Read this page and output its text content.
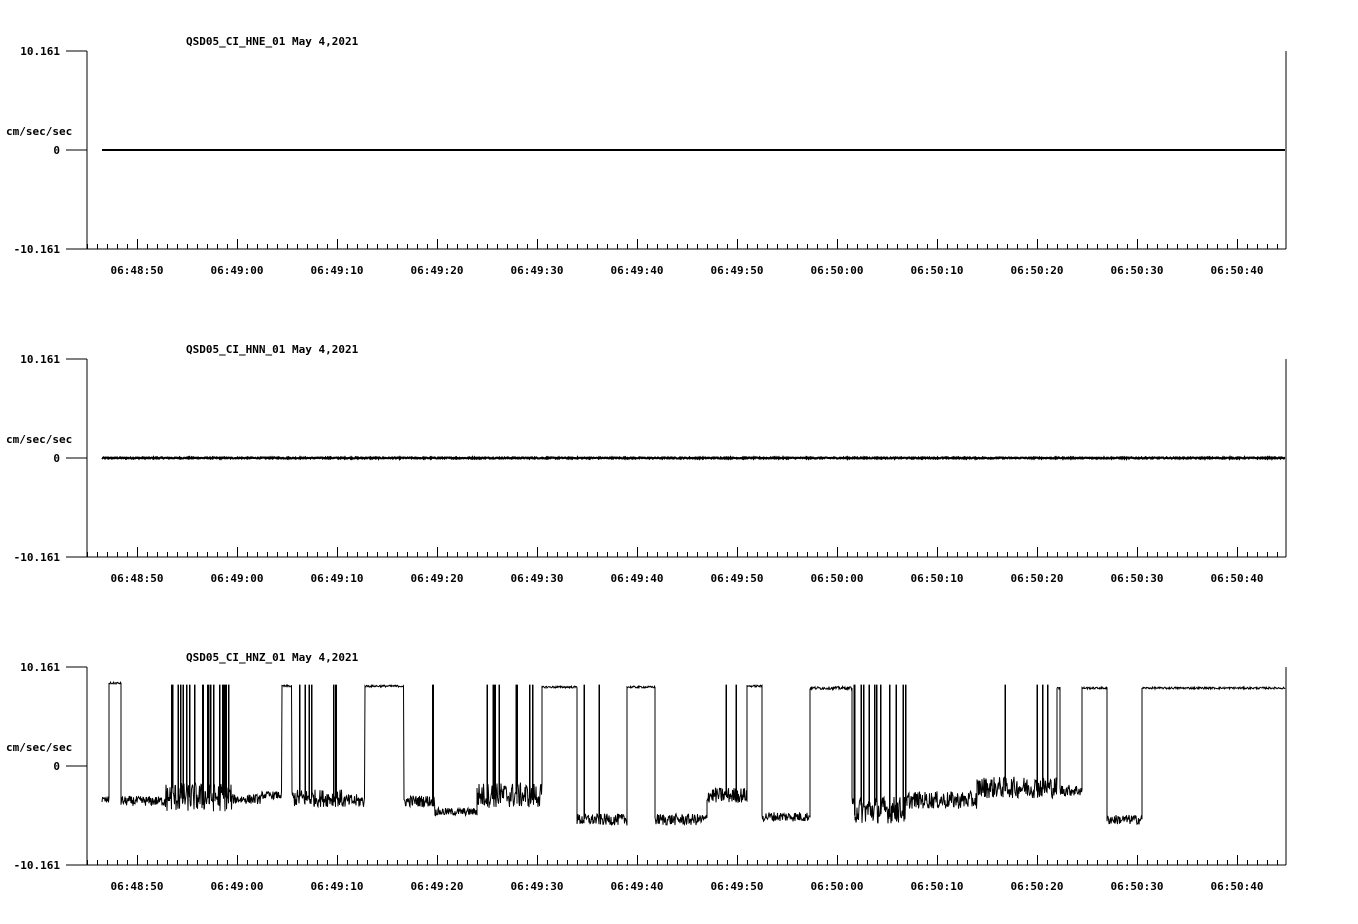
QSD05_CI_HNE_01 May 4,2021
cm/sec/sec
10.161
0
-10.161
06:48:50	06:49:00	06:49:10	06:49:20	06:49:30	06:49:40	06:49:50	06:50:00	06:50:10	06:50:20	06:50:30	06:50:40
QSD05_CI_HNN_01 May 4,2021
cm/sec/sec
10.161
0
-10.161
06:48:50	06:49:00	06:49:10	06:49:20	06:49:30	06:49:40	06:49:50	06:50:00	06:50:10	06:50:20	06:50:30	06:50:40
QSD05_CI_HNZ_01 May 4,2021
cm/sec/sec
10.161
0
-10.161
06:48:50	06:49:00	06:49:10	06:49:20	06:49:30	06:49:40	06:49:50	06:50:00	06:50:10	06:50:20	06:50:30	06:50:40
